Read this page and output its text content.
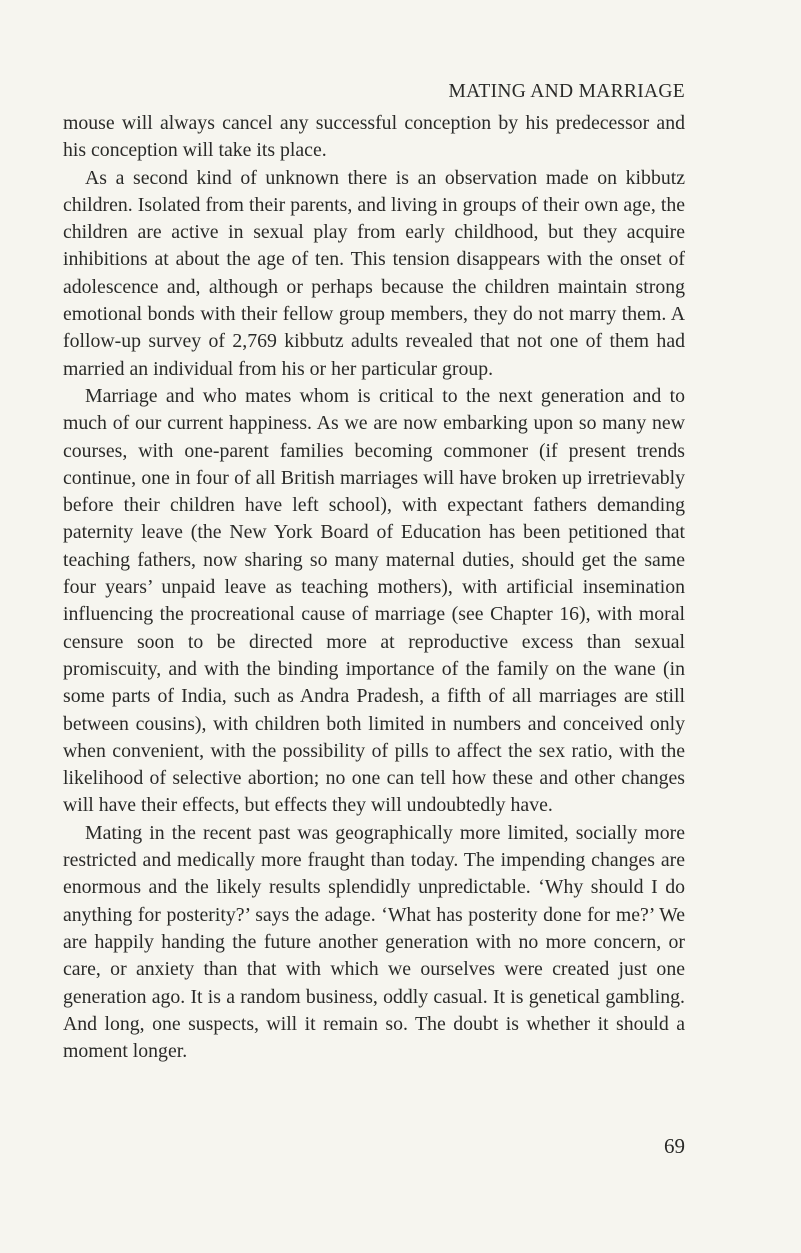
MATING AND MARRIAGE

mouse will always cancel any successful conception by his predecessor and his conception will take its place.

As a second kind of unknown there is an observation made on kibbutz children. Isolated from their parents, and living in groups of their own age, the children are active in sexual play from early childhood, but they acquire inhibitions at about the age of ten. This tension disappears with the onset of adolescence and, although or perhaps because the children maintain strong emotional bonds with their fellow group members, they do not marry them. A follow-up survey of 2,769 kibbutz adults revealed that not one of them had married an individual from his or her particular group.

Marriage and who mates whom is critical to the next generation and to much of our current happiness. As we are now embarking upon so many new courses, with one-parent families becoming commoner (if present trends continue, one in four of all British marriages will have broken up irretrievably before their children have left school), with expectant fathers demanding paternity leave (the New York Board of Education has been petitioned that teaching fathers, now sharing so many maternal duties, should get the same four years’ unpaid leave as teaching mothers), with artificial insemination influencing the procreational cause of marriage (see Chapter 16), with moral censure soon to be directed more at reproductive excess than sexual promiscuity, and with the binding importance of the family on the wane (in some parts of India, such as Andra Pradesh, a fifth of all marriages are still between cousins), with children both limited in numbers and conceived only when convenient, with the possibility of pills to affect the sex ratio, with the likelihood of selective abortion; no one can tell how these and other changes will have their effects, but effects they will undoubtedly have.

Mating in the recent past was geographically more limited, socially more restricted and medically more fraught than today. The impending changes are enormous and the likely results splendidly unpredictable. ‘Why should I do anything for posterity?’ says the adage. ‘What has posterity done for me?’ We are happily handing the future another generation with no more concern, or care, or anxiety than that with which we ourselves were created just one generation ago. It is a random business, oddly casual. It is genetical gambling. And long, one suspects, will it remain so. The doubt is whether it should a moment longer.

69
